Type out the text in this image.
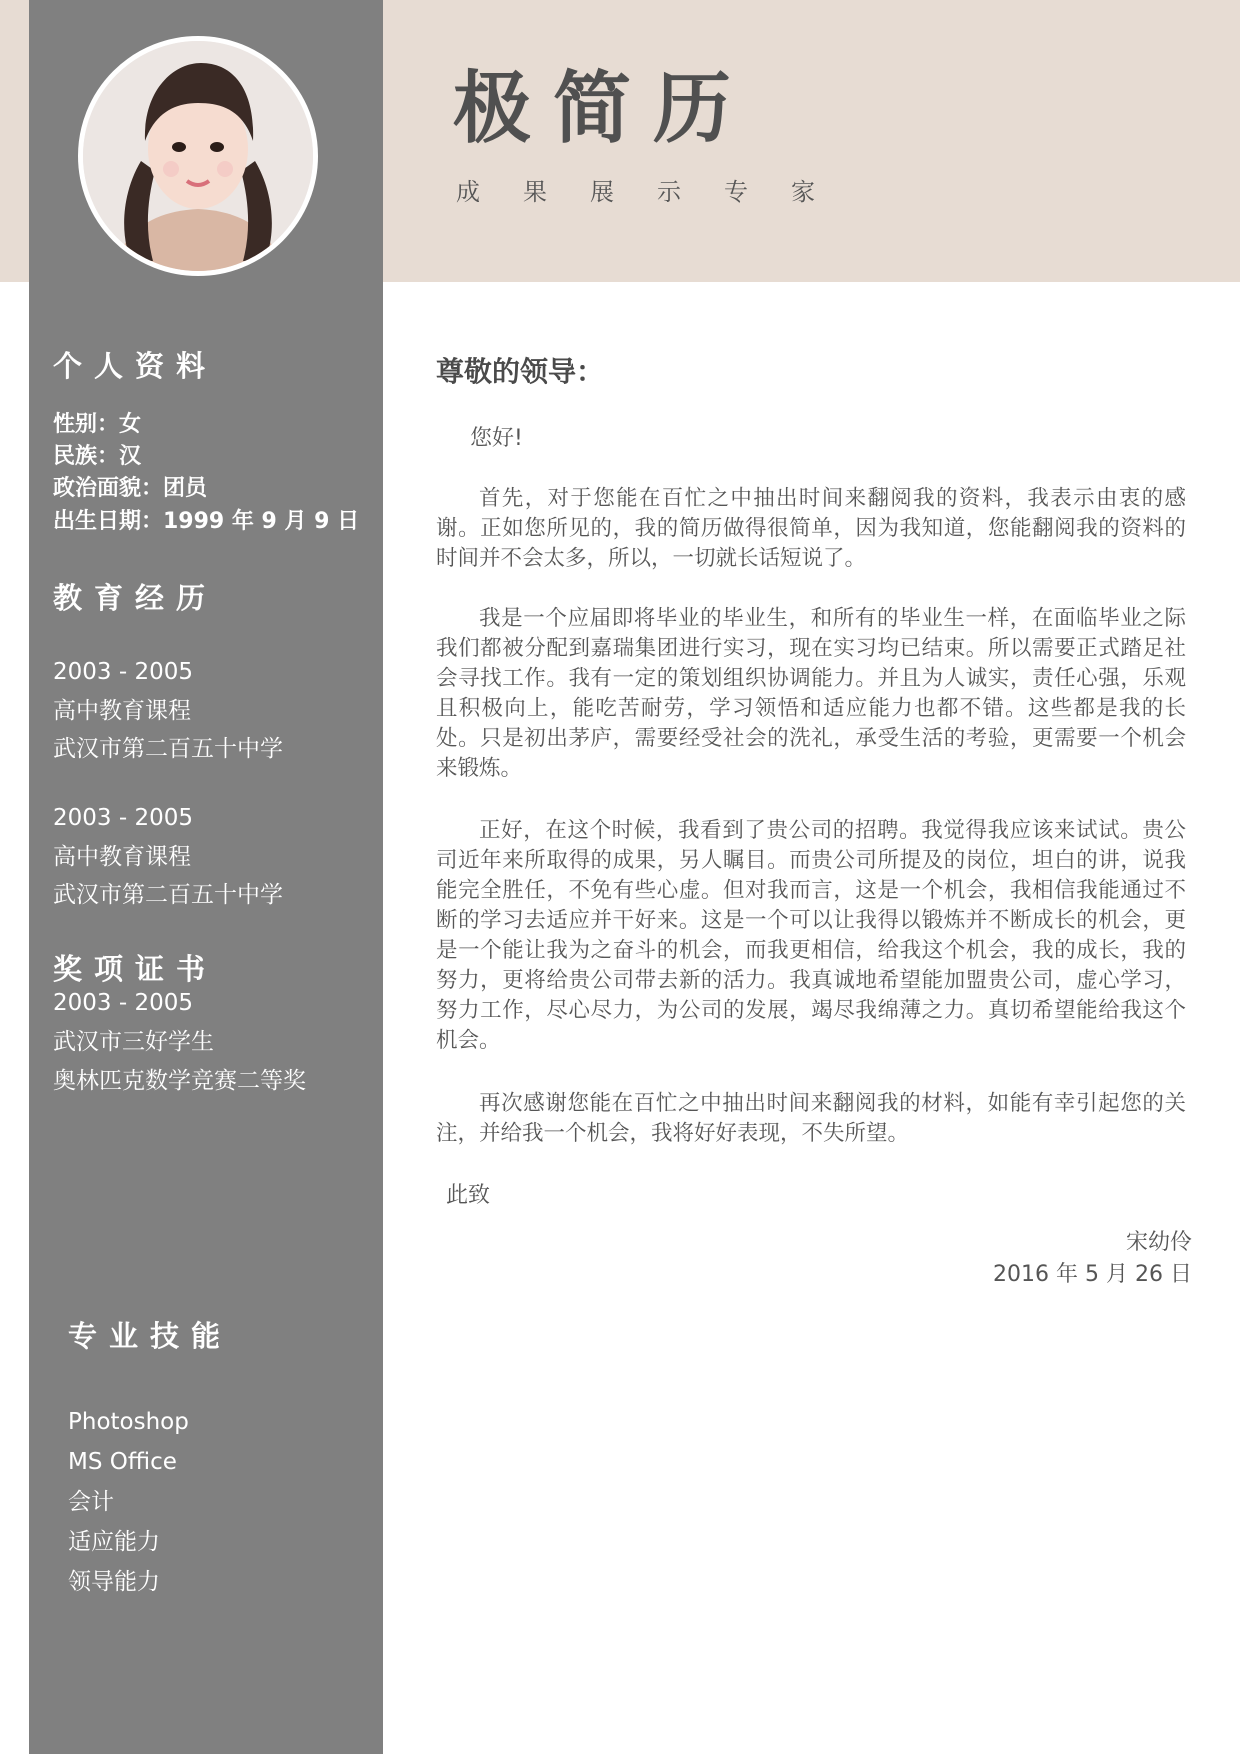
极简历
成果展示专家
个人资料
性别：女
民族：汉
政治面貌：团员
出生日期：1999 年 9 月 9 日
教育经历
2003 - 2005
高中教育课程
武汉市第二百五十中学
2003 - 2005
高中教育课程
武汉市第二百五十中学
奖项证书
2003 - 2005
武汉市三好学生
奥林匹克数学竞赛二等奖
专业技能
Photoshop
MS Office
会计
适应能力
领导能力
尊敬的领导：
您好!
首先，对于您能在百忙之中抽出时间来翻阅我的资料，我表示由衷的感谢。正如您所见的，我的简历做得很简单，因为我知道，您能翻阅我的资料的时间并不会太多，所以，一切就长话短说了。
我是一个应届即将毕业的毕业生，和所有的毕业生一样，在面临毕业之际我们都被分配到嘉瑞集团进行实习，现在实习均已结束。所以需要正式踏足社会寻找工作。我有一定的策划组织协调能力。并且为人诚实，责任心强，乐观且积极向上，能吃苦耐劳，学习领悟和适应能力也都不错。这些都是我的长处。只是初出茅庐，需要经受社会的洗礼，承受生活的考验，更需要一个机会来锻炼。
正好，在这个时候，我看到了贵公司的招聘。我觉得我应该来试试。贵公司近年来所取得的成果，另人瞩目。而贵公司所提及的岗位，坦白的讲，说我能完全胜任，不免有些心虚。但对我而言，这是一个机会，我相信我能通过不断的学习去适应并干好来。这是一个可以让我得以锻炼并不断成长的机会，更是一个能让我为之奋斗的机会，而我更相信，给我这个机会，我的成长，我的努力，更将给贵公司带去新的活力。我真诚地希望能加盟贵公司，虚心学习，努力工作，尽心尽力，为公司的发展，竭尽我绵薄之力。真切希望能给我这个机会。
再次感谢您能在百忙之中抽出时间来翻阅我的材料，如能有幸引起您的关注，并给我一个机会，我将好好表现，不失所望。
此致
宋幼伶
2016 年 5 月 26 日
